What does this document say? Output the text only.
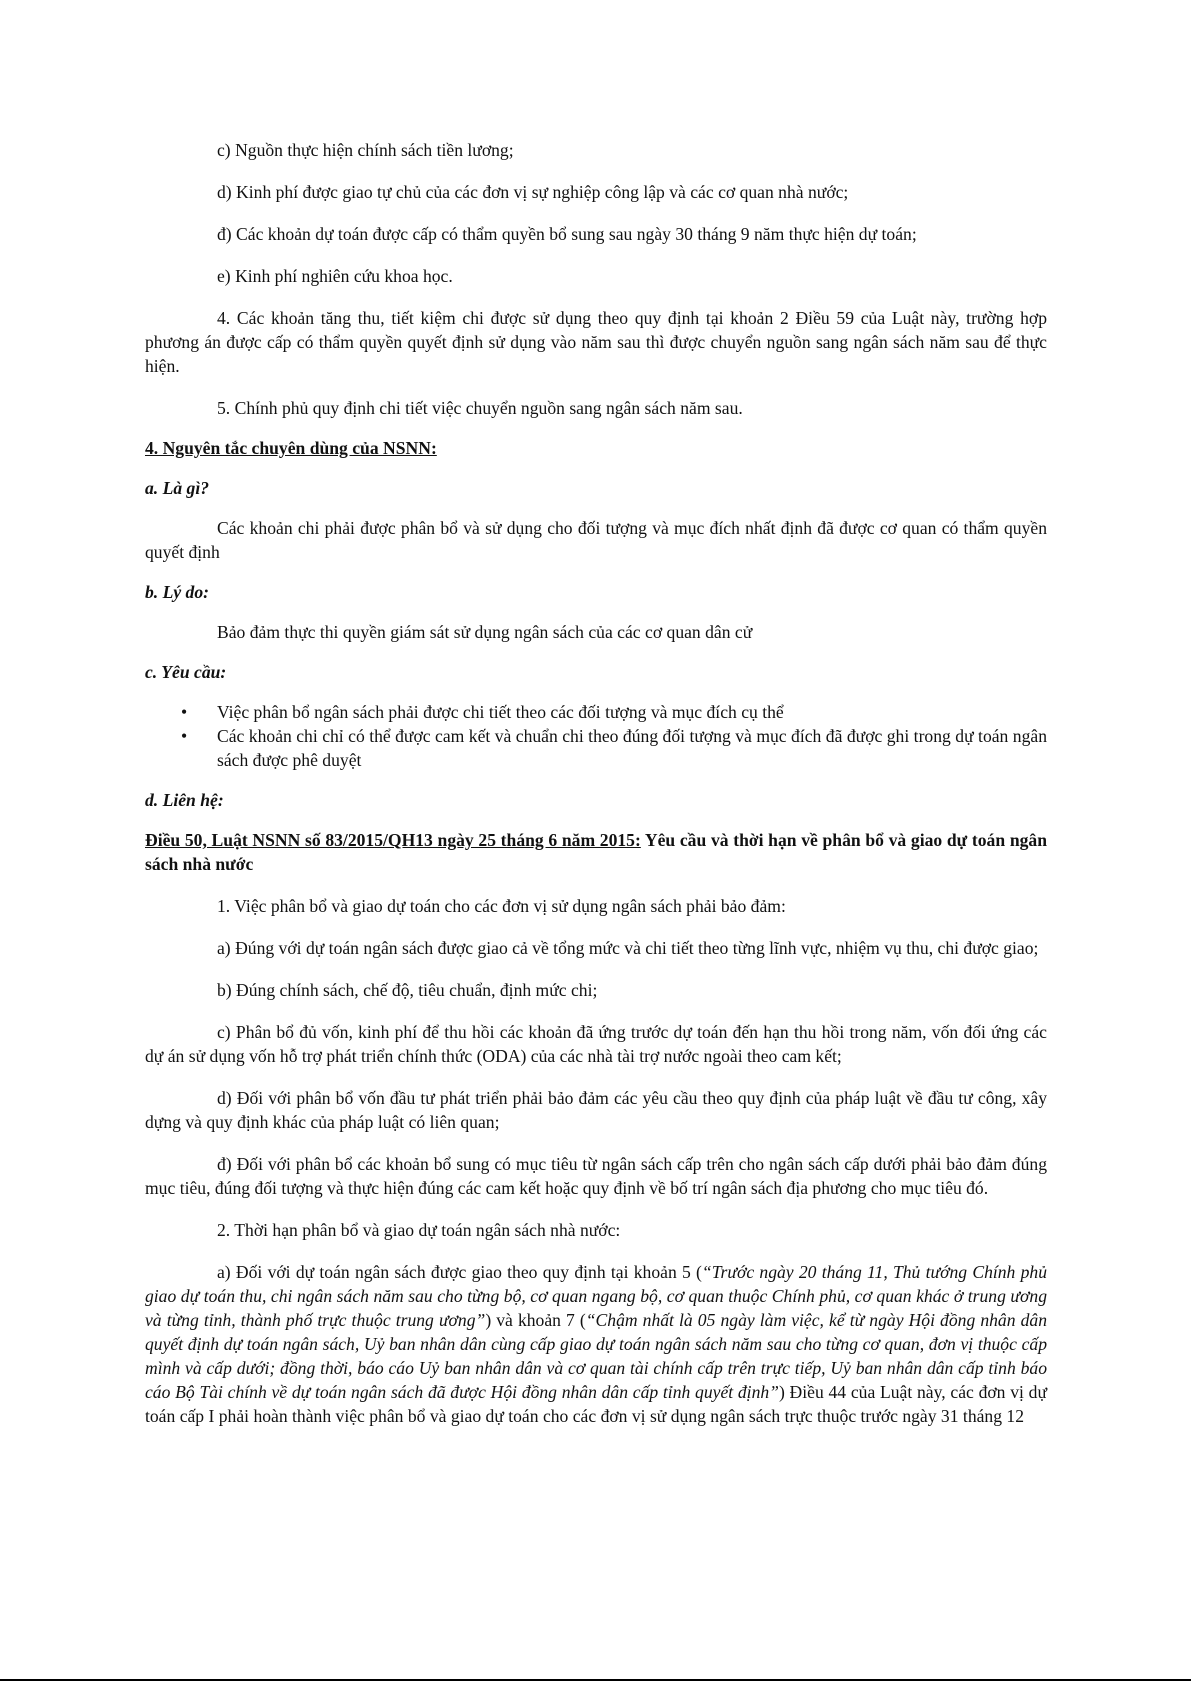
c) Nguồn thực hiện chính sách tiền lương;

d) Kinh phí được giao tự chủ của các đơn vị sự nghiệp công lập và các cơ quan nhà nước;

đ) Các khoản dự toán được cấp có thẩm quyền bổ sung sau ngày 30 tháng 9 năm thực hiện dự toán;

e) Kinh phí nghiên cứu khoa học.

4. Các khoản tăng thu, tiết kiệm chi được sử dụng theo quy định tại khoản 2 Điều 59 của Luật này, trường hợp phương án được cấp có thẩm quyền quyết định sử dụng vào năm sau thì được chuyển nguồn sang ngân sách năm sau để thực hiện.

5. Chính phủ quy định chi tiết việc chuyển nguồn sang ngân sách năm sau.

4. Nguyên tắc chuyên dùng của NSNN:

a. Là gì?

Các khoản chi phải được phân bổ và sử dụng cho đối tượng và mục đích nhất định đã được cơ quan có thẩm quyền quyết định

b. Lý do:

Bảo đảm thực thi quyền giám sát sử dụng ngân sách của các cơ quan dân cử

c. Yêu cầu:

• Việc phân bổ ngân sách phải được chi tiết theo các đối tượng và mục đích cụ thể
• Các khoản chi chỉ có thể được cam kết và chuẩn chi theo đúng đối tượng và mục đích đã được ghi trong dự toán ngân sách được phê duyệt

d. Liên hệ:

Điều 50, Luật NSNN số 83/2015/QH13 ngày 25 tháng 6 năm 2015: Yêu cầu và thời hạn về phân bổ và giao dự toán ngân sách nhà nước

1. Việc phân bổ và giao dự toán cho các đơn vị sử dụng ngân sách phải bảo đảm:

a) Đúng với dự toán ngân sách được giao cả về tổng mức và chi tiết theo từng lĩnh vực, nhiệm vụ thu, chi được giao;

b) Đúng chính sách, chế độ, tiêu chuẩn, định mức chi;

c) Phân bổ đủ vốn, kinh phí để thu hồi các khoản đã ứng trước dự toán đến hạn thu hồi trong năm, vốn đối ứng các dự án sử dụng vốn hỗ trợ phát triển chính thức (ODA) của các nhà tài trợ nước ngoài theo cam kết;

d) Đối với phân bổ vốn đầu tư phát triển phải bảo đảm các yêu cầu theo quy định của pháp luật về đầu tư công, xây dựng và quy định khác của pháp luật có liên quan;

đ) Đối với phân bổ các khoản bổ sung có mục tiêu từ ngân sách cấp trên cho ngân sách cấp dưới phải bảo đảm đúng mục tiêu, đúng đối tượng và thực hiện đúng các cam kết hoặc quy định về bố trí ngân sách địa phương cho mục tiêu đó.

2. Thời hạn phân bổ và giao dự toán ngân sách nhà nước:

a) Đối với dự toán ngân sách được giao theo quy định tại khoản 5 (“Trước ngày 20 tháng 11, Thủ tướng Chính phủ giao dự toán thu, chi ngân sách năm sau cho từng bộ, cơ quan ngang bộ, cơ quan thuộc Chính phủ, cơ quan khác ở trung ương và từng tỉnh, thành phố trực thuộc trung ương”) và khoản 7 (“Chậm nhất là 05 ngày làm việc, kể từ ngày Hội đồng nhân dân quyết định dự toán ngân sách, Uỷ ban nhân dân cùng cấp giao dự toán ngân sách năm sau cho từng cơ quan, đơn vị thuộc cấp mình và cấp dưới; đồng thời, báo cáo Uỷ ban nhân dân và cơ quan tài chính cấp trên trực tiếp, Uỷ ban nhân dân cấp tỉnh báo cáo Bộ Tài chính về dự toán ngân sách đã được Hội đồng nhân dân cấp tỉnh quyết định”) Điều 44 của Luật này, các đơn vị dự toán cấp I phải hoàn thành việc phân bổ và giao dự toán cho các đơn vị sử dụng ngân sách trực thuộc trước ngày 31 tháng 12
